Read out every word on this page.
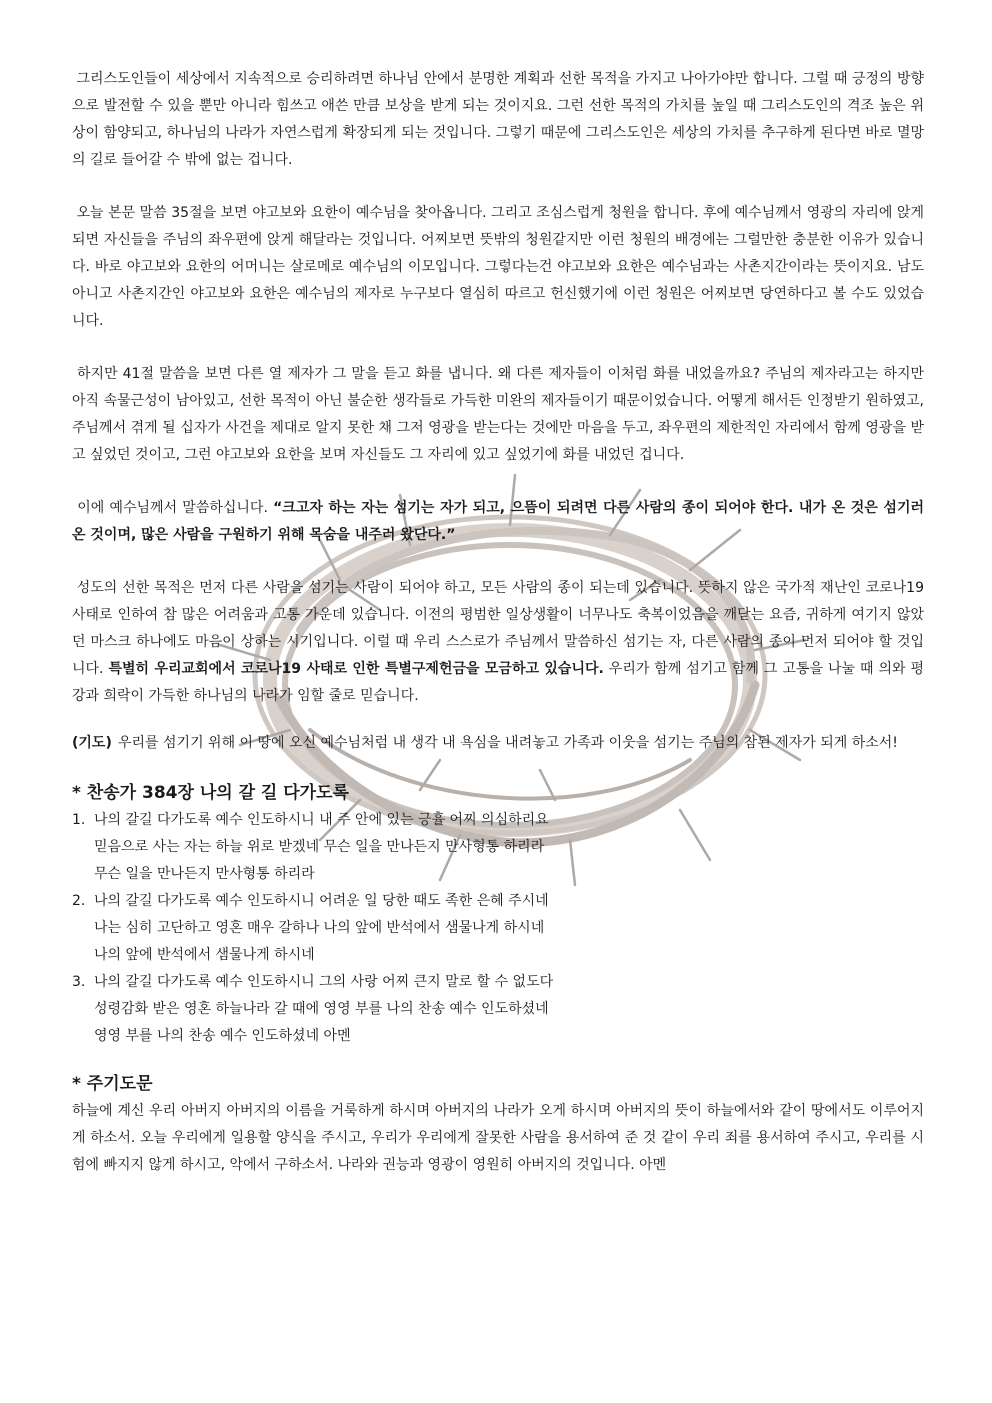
그리스도인들이 세상에서 지속적으로 승리하려면 하나님 안에서 분명한 계획과 선한 목적을 가지고 나아가야만 합니다. 그럴 때 긍정의 방향으로 발전할 수 있을 뿐만 아니라 힘쓰고 애쓴 만큼 보상을 받게 되는 것이지요. 그런 선한 목적의 가치를 높일 때 그리스도인의 격조 높은 위상이 함양되고, 하나님의 나라가 자연스럽게 확장되게 되는 것입니다. 그렇기 때문에 그리스도인은 세상의 가치를 추구하게 된다면 바로 멸망의 길로 들어갈 수 밖에 없는 겁니다.

오늘 본문 말씀 35절을 보면 야고보와 요한이 예수님을 찾아옵니다. 그리고 조심스럽게 청원을 합니다. 후에 예수님께서 영광의 자리에 앉게 되면 자신들을 주님의 좌우편에 앉게 해달라는 것입니다. 어찌보면 뜻밖의 청원같지만 이런 청원의 배경에는 그럴만한 충분한 이유가 있습니다. 바로 야고보와 요한의 어머니는 살로메로 예수님의 이모입니다. 그렇다는건 야고보와 요한은 예수님과는 사촌지간이라는 뜻이지요. 남도 아니고 사촌지간인 야고보와 요한은 예수님의 제자로 누구보다 열심히 따르고 헌신했기에 이런 청원은 어찌보면 당연하다고 볼 수도 있었습니다.

하지만 41절 말씀을 보면 다른 열 제자가 그 말을 듣고 화를 냅니다. 왜 다른 제자들이 이처럼 화를 내었을까요? 주님의 제자라고는 하지만 아직 속물근성이 남아있고, 선한 목적이 아닌 불순한 생각들로 가득한 미완의 제자들이기 때문이었습니다. 어떻게 해서든 인정받기 원하였고, 주님께서 겪게 될 십자가 사건을 제대로 알지 못한 채 그저 영광을 받는다는 것에만 마음을 두고, 좌우편의 제한적인 자리에서 함께 영광을 받고 싶었던 것이고, 그런 야고보와 요한을 보며 자신들도 그 자리에 있고 싶었기에 화를 내었던 겁니다.

이에 예수님께서 말씀하십니다. “크고자 하는 자는 섬기는 자가 되고, 으뜸이 되려면 다른 사람의 종이 되어야 한다. 내가 온 것은 섬기러 온 것이며, 많은 사람을 구원하기 위해 목숨을 내주러 왔단다.”

성도의 선한 목적은 먼저 다른 사람을 섬기는 사람이 되어야 하고, 모든 사람의 종이 되는데 있습니다. 뜻하지 않은 국가적 재난인 코로나19 사태로 인하여 참 많은 어려움과 고통 가운데 있습니다. 이전의 평범한 일상생활이 너무나도 축복이었음을 깨닫는 요즘, 귀하게 여기지 않았던 마스크 하나에도 마음이 상하는 시기입니다. 이럴 때 우리 스스로가 주님께서 말씀하신 섬기는 자, 다른 사람의 종이 먼저 되어야 할 것입니다. 특별히 우리교회에서 코로나19 사태로 인한 특별구제헌금을 모금하고 있습니다. 우리가 함께 섬기고 함께 그 고통을 나눌 때 의와 평강과 희락이 가득한 하나님의 나라가 임할 줄로 믿습니다.

(기도) 우리를 섬기기 위해 이 땅에 오신 예수님처럼 내 생각 내 욕심을 내려놓고 가족과 이웃을 섬기는 주님의 참된 제자가 되게 하소서!

* 찬송가 384장 나의 갈 길 다가도록

1. 나의 갈길 다가도록 예수 인도하시니 내 주 안에 있는 긍휼 어찌 의심하리요
믿음으로 사는 자는 하늘 위로 받겠네 무슨 일을 만나든지 만사형통 하리라
무슨 일을 만나든지 만사형통 하리라
2. 나의 갈길 다가도록 예수 인도하시니 어려운 일 당한 때도 족한 은혜 주시네
나는 심히 고단하고 영혼 매우 갈하나 나의 앞에 반석에서 샘물나게 하시네
나의 앞에 반석에서 샘물나게 하시네
3. 나의 갈길 다가도록 예수 인도하시니 그의 사랑 어찌 큰지 말로 할 수 없도다
성령감화 받은 영혼 하늘나라 갈 때에 영영 부를 나의 찬송 예수 인도하셨네
영영 부를 나의 찬송 예수 인도하셨네 아멘

* 주기도문

하늘에 계신 우리 아버지 아버지의 이름을 거룩하게 하시며 아버지의 나라가 오게 하시며 아버지의 뜻이 하늘에서와 같이 땅에서도 이루어지게 하소서. 오늘 우리에게 일용할 양식을 주시고, 우리가 우리에게 잘못한 사람을 용서하여 준 것 같이 우리 죄를 용서하여 주시고, 우리를 시험에 빠지지 않게 하시고, 악에서 구하소서. 나라와 권능과 영광이 영원히 아버지의 것입니다. 아멘
